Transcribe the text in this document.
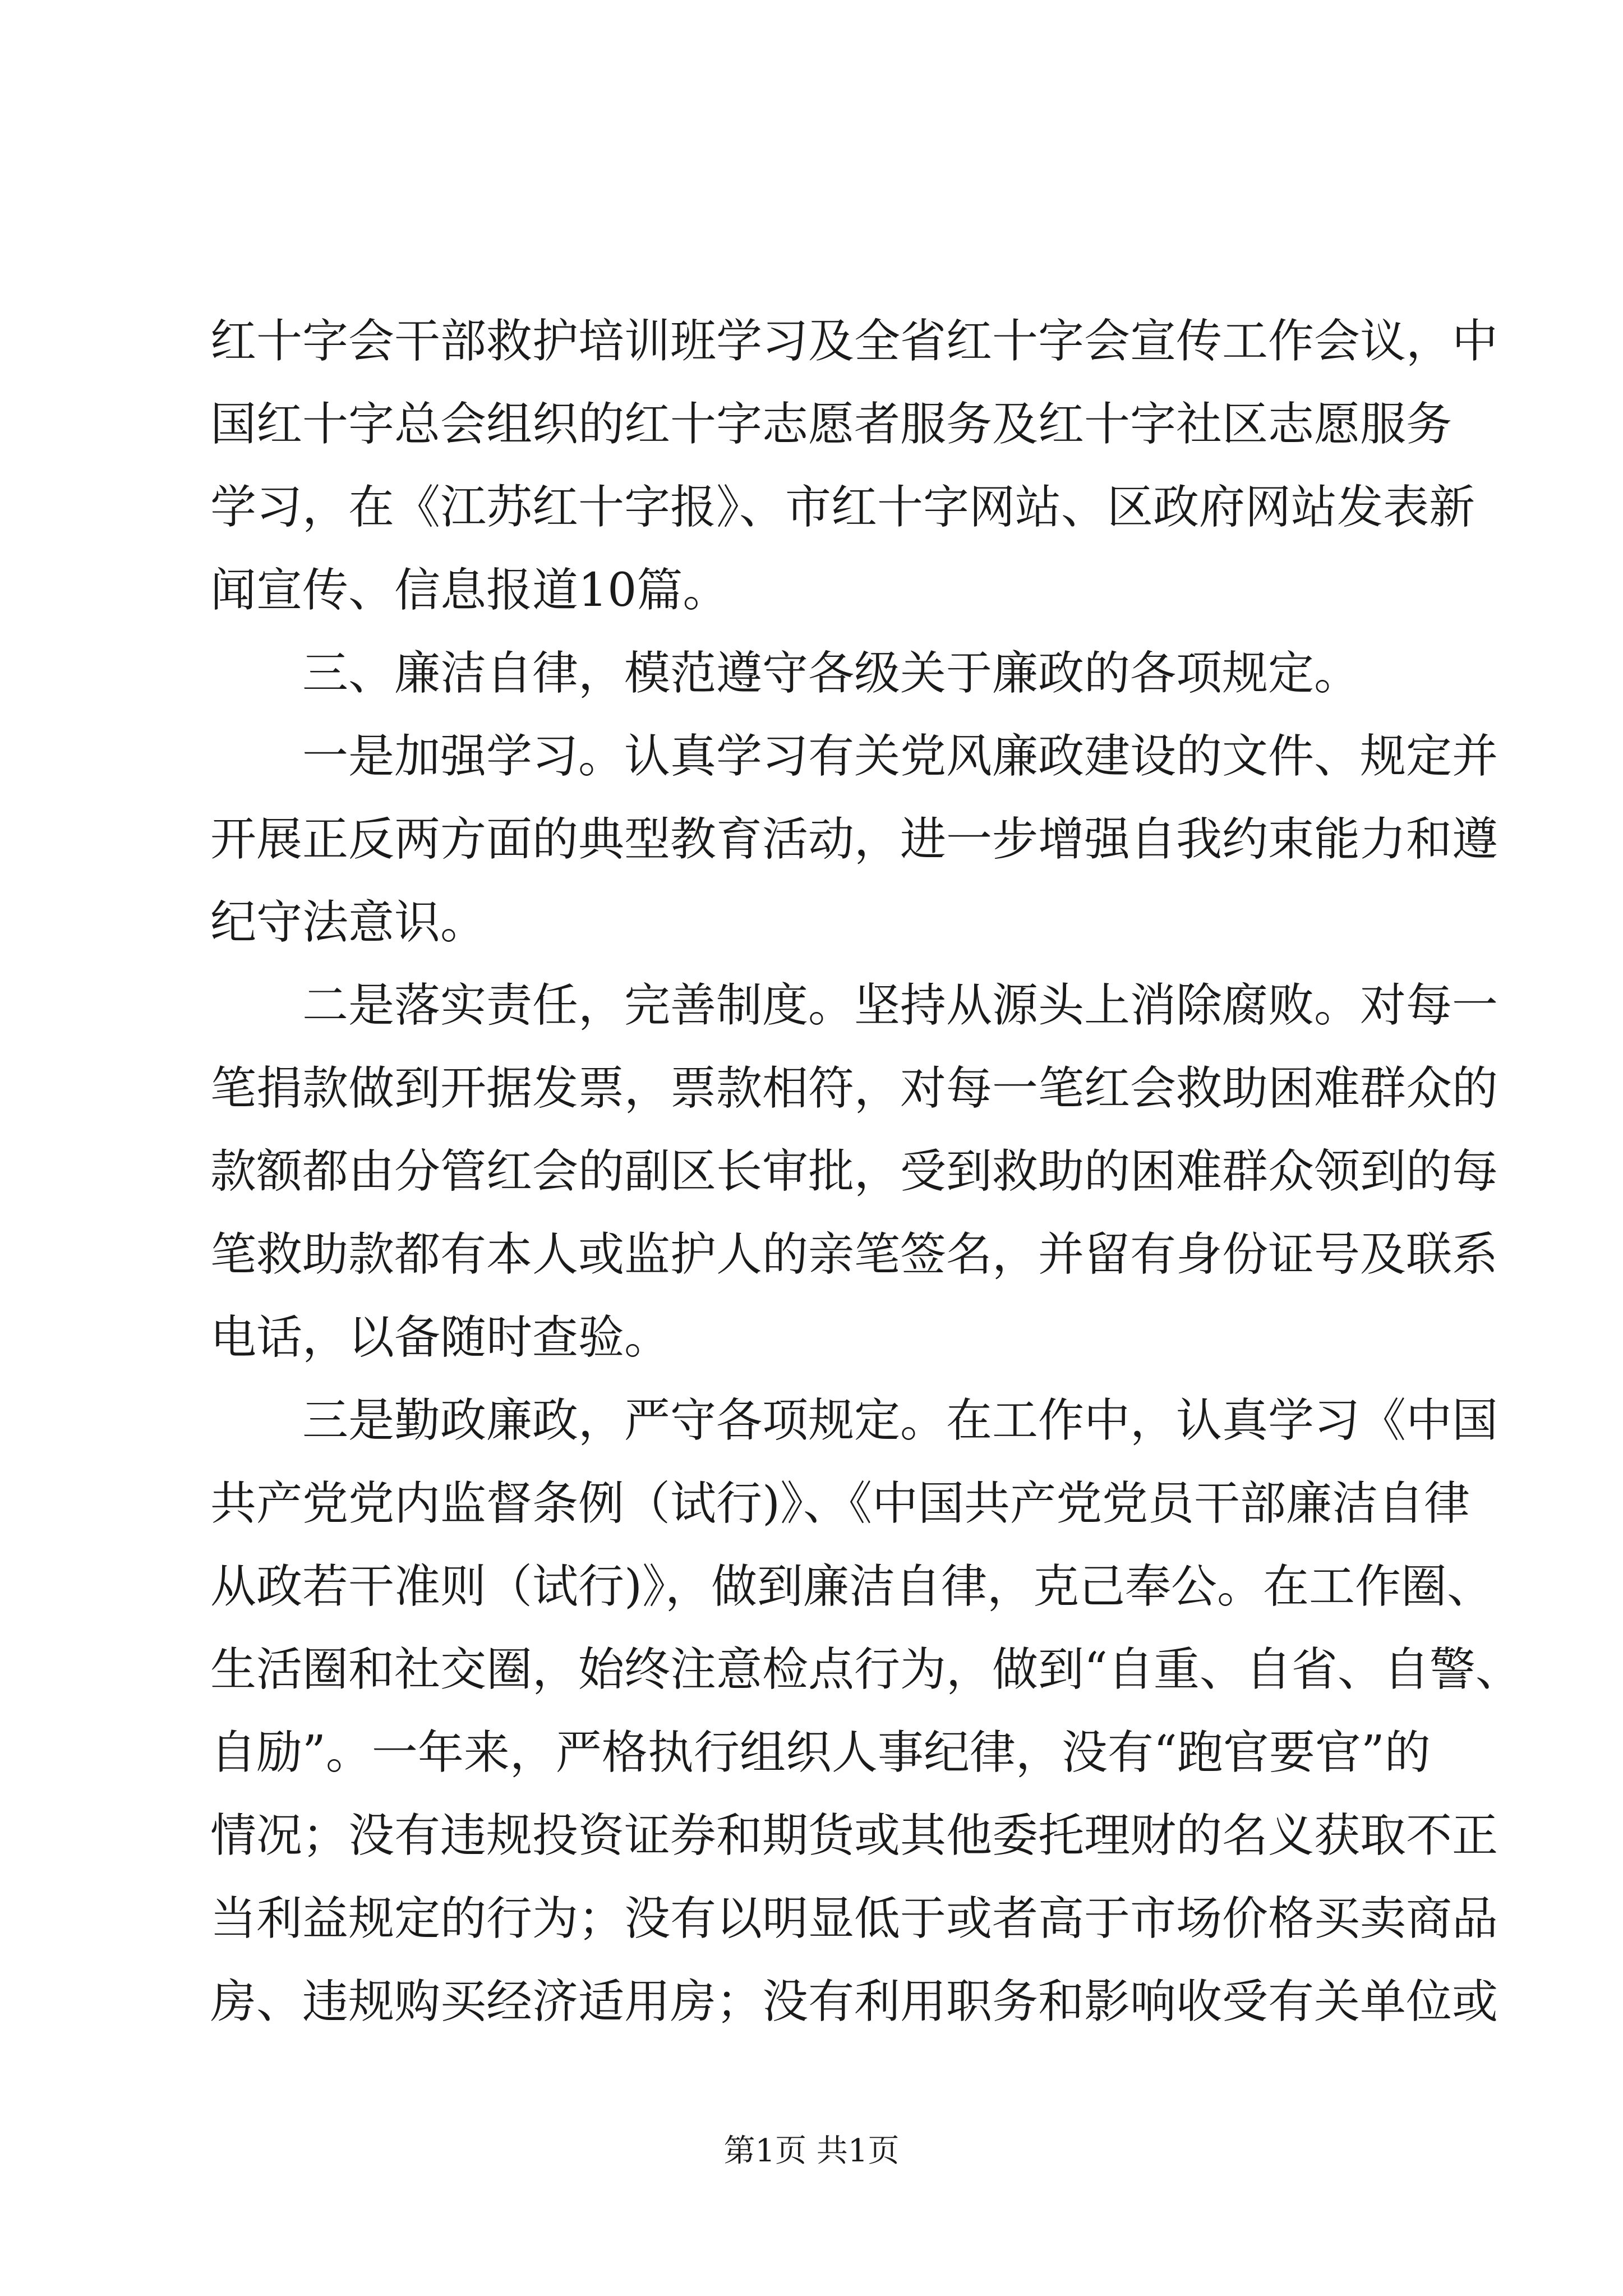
红十字会干部救护培训班学习及全省红十字会宣传工作会议，中
国红十字总会组织的红十字志愿者服务及红十字社区志愿服务
学习，在《江苏红十字报》、市红十字网站、区政府网站发表新
闻宣传、信息报道10篇。
三、廉洁自律，模范遵守各级关于廉政的各项规定。
一是加强学习。认真学习有关党风廉政建设的文件、规定并
开展正反两方面的典型教育活动，进一步增强自我约束能力和遵
纪守法意识。
二是落实责任，完善制度。坚持从源头上消除腐败。对每一
笔捐款做到开据发票，票款相符，对每一笔红会救助困难群众的
款额都由分管红会的副区长审批，受到救助的困难群众领到的每
笔救助款都有本人或监护人的亲笔签名，并留有身份证号及联系
电话，以备随时查验。
三是勤政廉政，严守各项规定。在工作中，认真学习《中国
共产党党内监督条例（试行)》、《中国共产党党员干部廉洁自律
从政若干准则（试行)》，做到廉洁自律，克己奉公。在工作圈、
生活圈和社交圈，始终注意检点行为，做到“自重、自省、自警、
自励”。一年来，严格执行组织人事纪律，没有“跑官要官”的
情况；没有违规投资证券和期货或其他委托理财的名义获取不正
当利益规定的行为；没有以明显低于或者高于市场价格买卖商品
房、违规购买经济适用房；没有利用职务和影响收受有关单位或
第1页 共1页
